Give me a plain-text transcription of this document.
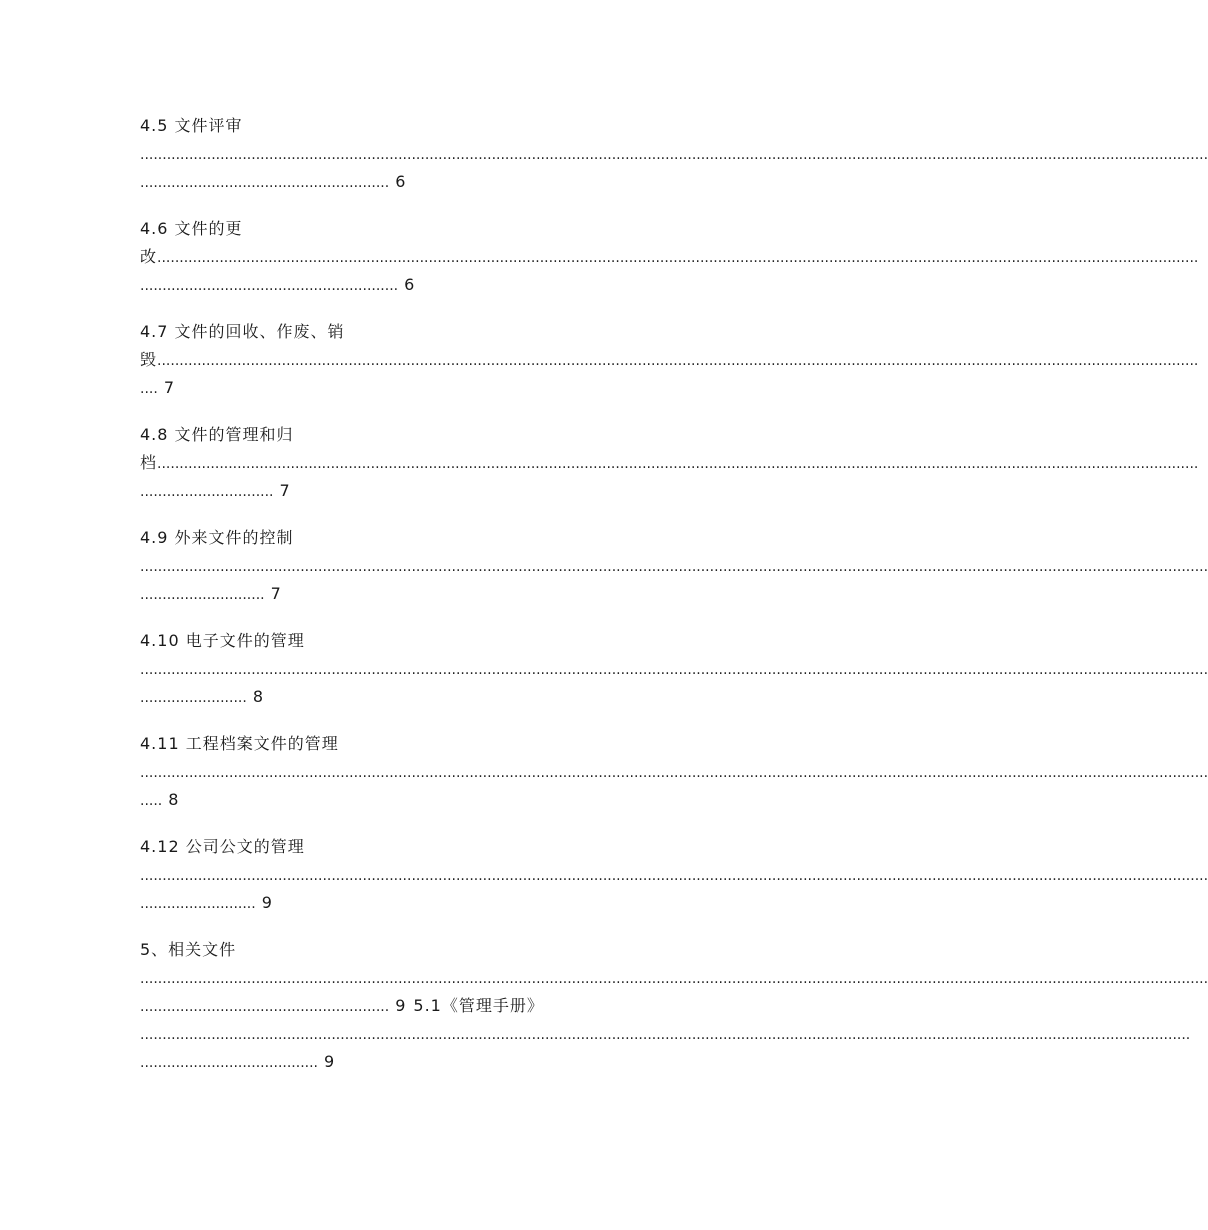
4.5 文件评审
................................................................................................................................................................................................................................................
........................................................ 6
4.6 文件的更
改..........................................................................................................................................................................................................................................
.......................................................... 6
4.7 文件的回收、作废、销
毁..........................................................................................................................................................................................................................................
.... 7
4.8 文件的管理和归
档..........................................................................................................................................................................................................................................
.............................. 7
4.9 外来文件的控制
................................................................................................................................................................................................................................................
............................ 7
4.10 电子文件的管理
................................................................................................................................................................................................................................................
........................ 8
4.11 工程档案文件的管理
................................................................................................................................................................................................................................................
..... 8
4.12 公司公文的管理
................................................................................................................................................................................................................................................
.......................... 9
5、相关文件
................................................................................................................................................................................................................................................
........................................................ 9 5.1《管理手册》
............................................................................................................................................................................................................................................
........................................ 9
